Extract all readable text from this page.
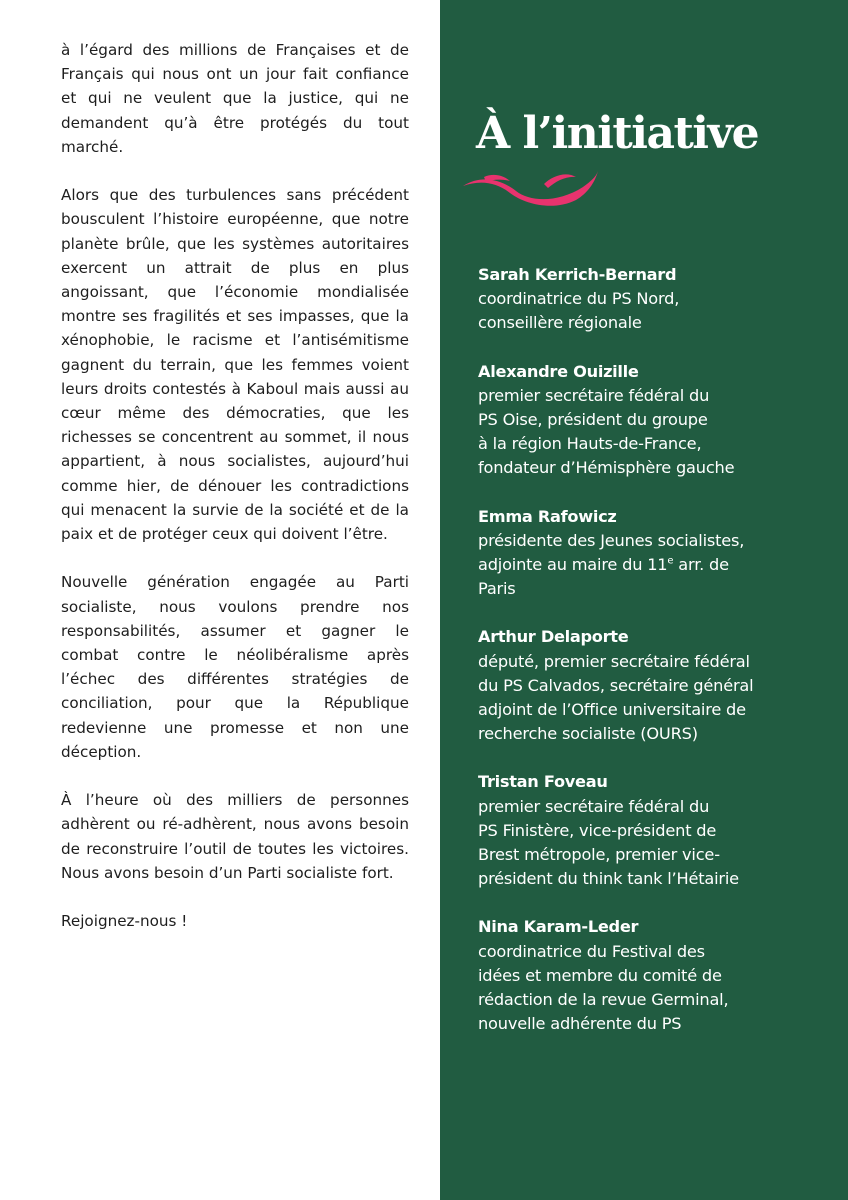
à l’égard des millions de Françaises et de Français qui nous ont un jour fait confiance et qui ne veulent que la justice, qui ne demandent qu’à être protégés du tout marché.

Alors que des turbulences sans précédent bousculent l’histoire européenne, que notre planète brûle, que les systèmes autoritaires exercent un attrait de plus en plus angoissant, que l’économie mondialisée montre ses fragilités et ses impasses, que la xénophobie, le racisme et l’antisémitisme gagnent du terrain, que les femmes voient leurs droits contestés à Kaboul mais aussi au cœur même des démocraties, que les richesses se concentrent au sommet, il nous appartient, à nous socialistes, aujourd’hui comme hier, de dénouer les contradictions qui menacent la survie de la société et de la paix et de protéger ceux qui doivent l’être.

Nouvelle génération engagée au Parti socialiste, nous voulons prendre nos responsabilités, assumer et gagner le combat contre le néolibéralisme après l’échec des différentes stratégies de conciliation, pour que la République redevienne une promesse et non une déception.

À l’heure où des milliers de personnes adhèrent ou ré-adhèrent, nous avons besoin de reconstruire l’outil de toutes les victoires. Nous avons besoin d’un Parti socialiste fort.

Rejoignez-nous !

À l’initiative
Sarah Kerrich-Bernard
coordinatrice du PS Nord,
conseillère régionale
Alexandre Ouizille
premier secrétaire fédéral du
PS Oise, président du groupe
à la région Hauts-de-France,
fondateur d’Hémisphère gauche
Emma Rafowicz
présidente des Jeunes socialistes,
adjointe au maire du 11e arr. de
Paris
Arthur Delaporte
député, premier secrétaire fédéral
du PS Calvados, secrétaire général
adjoint de l’Office universitaire de
recherche socialiste (OURS)
Tristan Foveau
premier secrétaire fédéral du
PS Finistère, vice-président de
Brest métropole, premier vice-
président du think tank l’Hétairie
Nina Karam-Leder
coordinatrice du Festival des
idées et membre du comité de
rédaction de la revue Germinal,
nouvelle adhérente du PS
